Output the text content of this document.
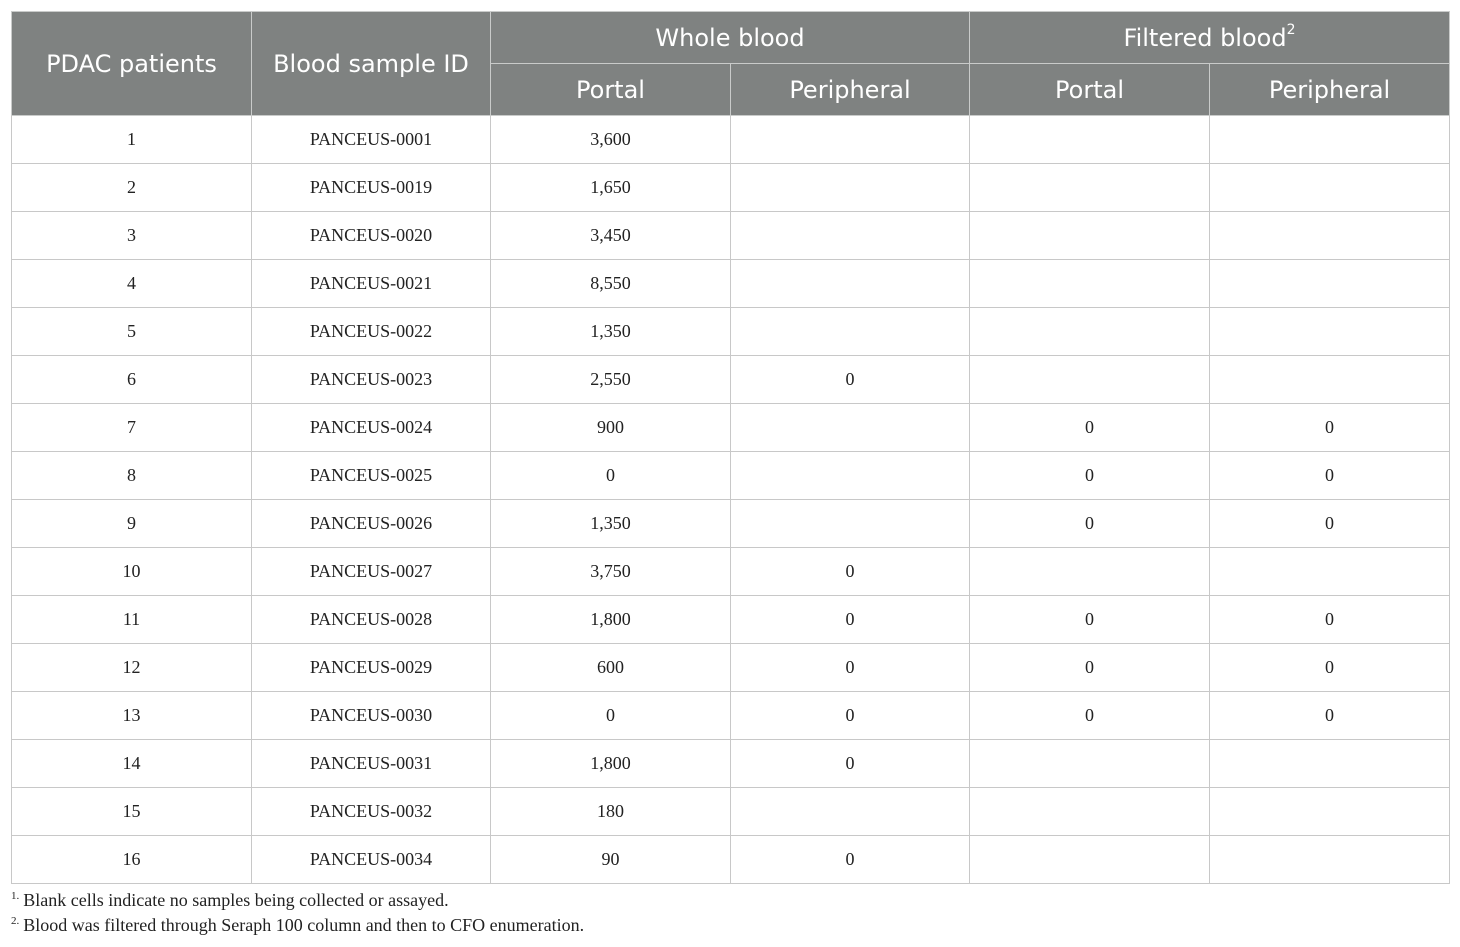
PDAC patients	Blood sample ID	Whole blood		Filtered blood$^2$
		Portal	Peripheral	Portal	Peripheral
1	PANCEUS-0001	3,600			
2	PANCEUS-0019	1,650			
3	PANCEUS-0020	3,450			
4	PANCEUS-0021	8,550			
5	PANCEUS-0022	1,350			
6	PANCEUS-0023	2,550	0		
7	PANCEUS-0024	900		0	0
8	PANCEUS-0025	0		0	0
9	PANCEUS-0026	1,350		0	0
10	PANCEUS-0027	3,750	0		
11	PANCEUS-0028	1,800	0	0	0
12	PANCEUS-0029	600	0	0	0
13	PANCEUS-0030	0	0	0	0
14	PANCEUS-0031	1,800	0		
15	PANCEUS-0032	180			
16	PANCEUS-0034	90	0		
$^{1.}$ Blank cells indicate no samples being collected or assayed.
$^{2.}$ Blood was filtered through Seraph 100 column and then to CFO enumeration.
